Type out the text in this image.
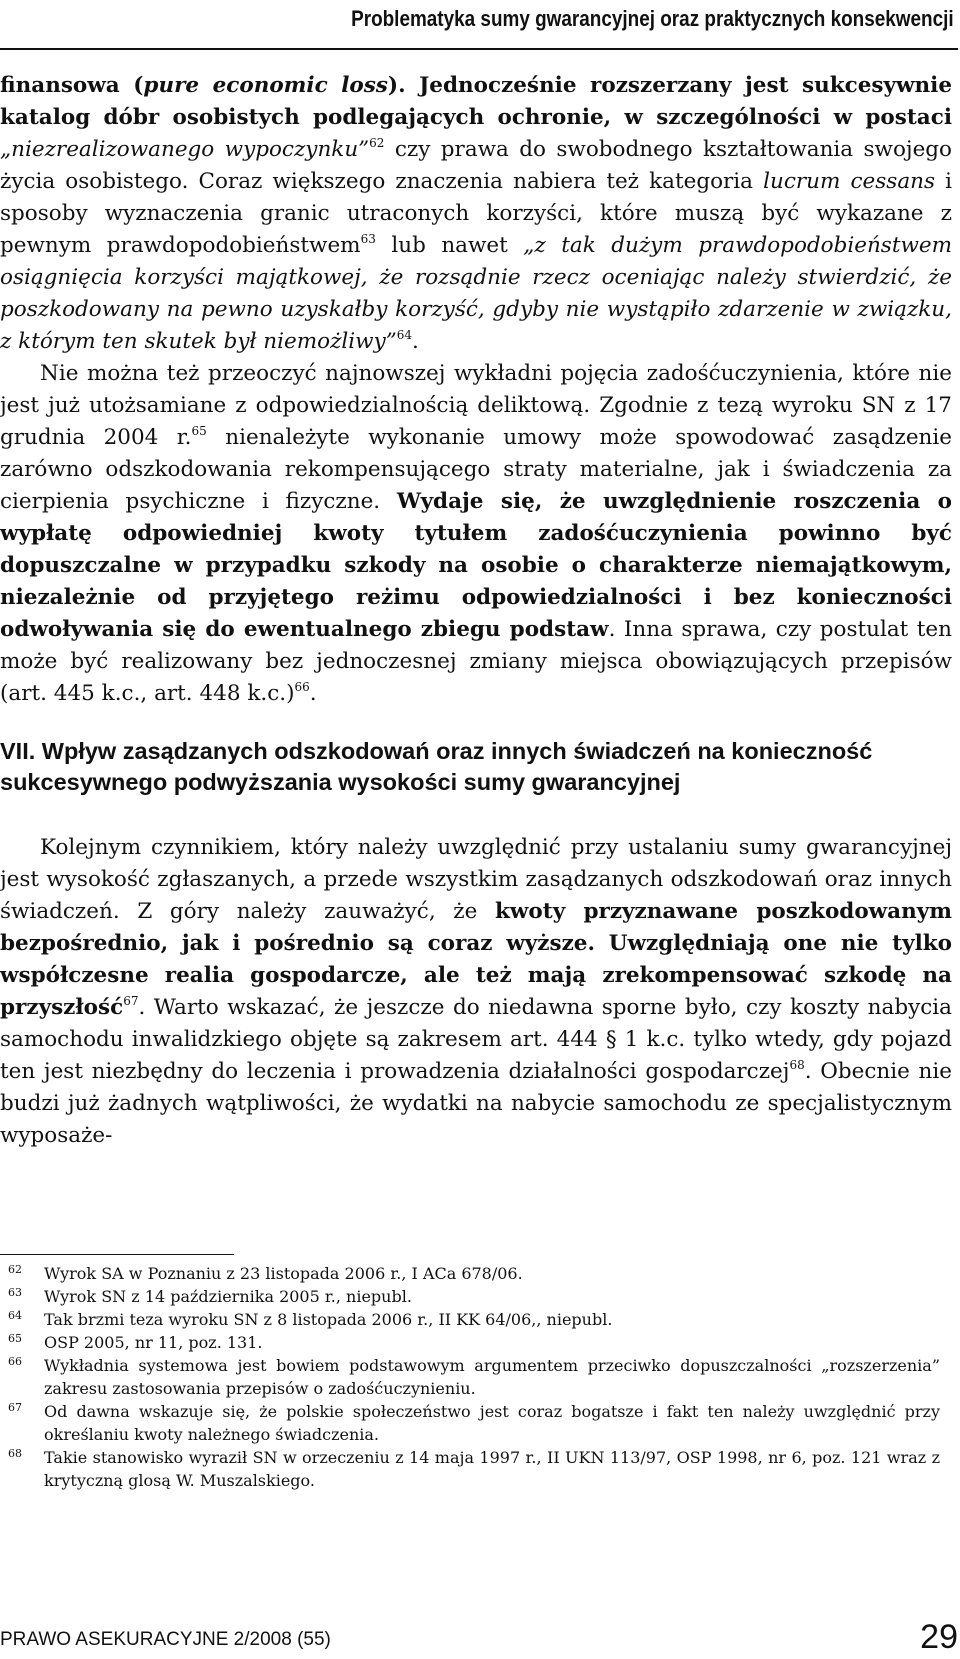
Problematyka sumy gwarancyjnej oraz praktycznych konsekwencji

finansowa (pure economic loss). Jednocześnie rozszerzany jest sukcesywnie katalog dóbr osobistych podlegających ochronie, w szczególności w postaci „niezrealizowanego wypoczynku”$^{62}$ czy prawa do swobodnego kształtowania swojego życia osobistego. Coraz większego znaczenia nabiera też kategoria lucrum cessans i sposoby wyznaczenia granic utraconych korzyści, które muszą być wykazane z pewnym prawdopodobieństwem$^{63}$ lub nawet „z tak dużym prawdopodobieństwem osiągnięcia korzyści majątkowej, że rozsądnie rzecz oceniając należy stwierdzić, że poszkodowany na pewno uzyskałby korzyść, gdyby nie wystąpiło zdarzenie w związku, z którym ten skutek był niemożliwy”$^{64}$.

Nie można też przeoczyć najnowszej wykładni pojęcia zadośćuczynienia, które nie jest już utożsamiane z odpowiedzialnością deliktową. Zgodnie z tezą wyroku SN z 17 grudnia 2004 r.$^{65}$ nienależyte wykonanie umowy może spowodować zasądzenie zarówno odszkodowania rekompensującego straty materialne, jak i świadczenia za cierpienia psychiczne i fizyczne. Wydaje się, że uwzględnienie roszczenia o wypłatę odpowiedniej kwoty tytułem zadośćuczynienia powinno być dopuszczalne w przypadku szkody na osobie o charakterze niemajątkowym, niezależnie od przyjętego reżimu odpowiedzialności i bez konieczności odwoływania się do ewentualnego zbiegu podstaw. Inna sprawa, czy postulat ten może być realizowany bez jednoczesnej zmiany miejsca obowiązujących przepisów (art. 445 k.c., art. 448 k.c.)$^{66}$.

VII. Wpływ zasądzanych odszkodowań oraz innych świadczeń na konieczność sukcesywnego podwyższania wysokości sumy gwarancyjnej

Kolejnym czynnikiem, który należy uwzględnić przy ustalaniu sumy gwarancyjnej jest wysokość zgłaszanych, a przede wszystkim zasądzanych odszkodowań oraz innych świadczeń. Z góry należy zauważyć, że kwoty przyznawane poszkodowanym bezpośrednio, jak i pośrednio są coraz wyższe. Uwzględniają one nie tylko współczesne realia gospodarcze, ale też mają zrekompensować szkodę na przyszłość$^{67}$. Warto wskazać, że jeszcze do niedawna sporne było, czy koszty nabycia samochodu inwalidzkiego objęte są zakresem art. 444 § 1 k.c. tylko wtedy, gdy pojazd ten jest niezbędny do leczenia i prowadzenia działalności gospodarczej$^{68}$. Obecnie nie budzi już żadnych wątpliwości, że wydatki na nabycie samochodu ze specjalistycznym wyposaże-

62 Wyrok SA w Poznaniu z 23 listopada 2006 r., I ACa 678/06.

63 Wyrok SN z 14 października 2005 r., niepubl.

64 Tak brzmi teza wyroku SN z 8 listopada 2006 r., II KK 64/06,, niepubl.

65 OSP 2005, nr 11, poz. 131.

66 Wykładnia systemowa jest bowiem podstawowym argumentem przeciwko dopuszczalności „rozszerzenia” zakresu zastosowania przepisów o zadośćuczynieniu.

67 Od dawna wskazuje się, że polskie społeczeństwo jest coraz bogatsze i fakt ten należy uwzględnić przy określaniu kwoty należnego świadczenia.

68 Takie stanowisko wyraził SN w orzeczeniu z 14 maja 1997 r., II UKN 113/97, OSP 1998, nr 6, poz. 121 wraz z krytyczną glosą W. Muszalskiego.

PRAWO ASEKURACYJNE 2/2008 (55)	29
